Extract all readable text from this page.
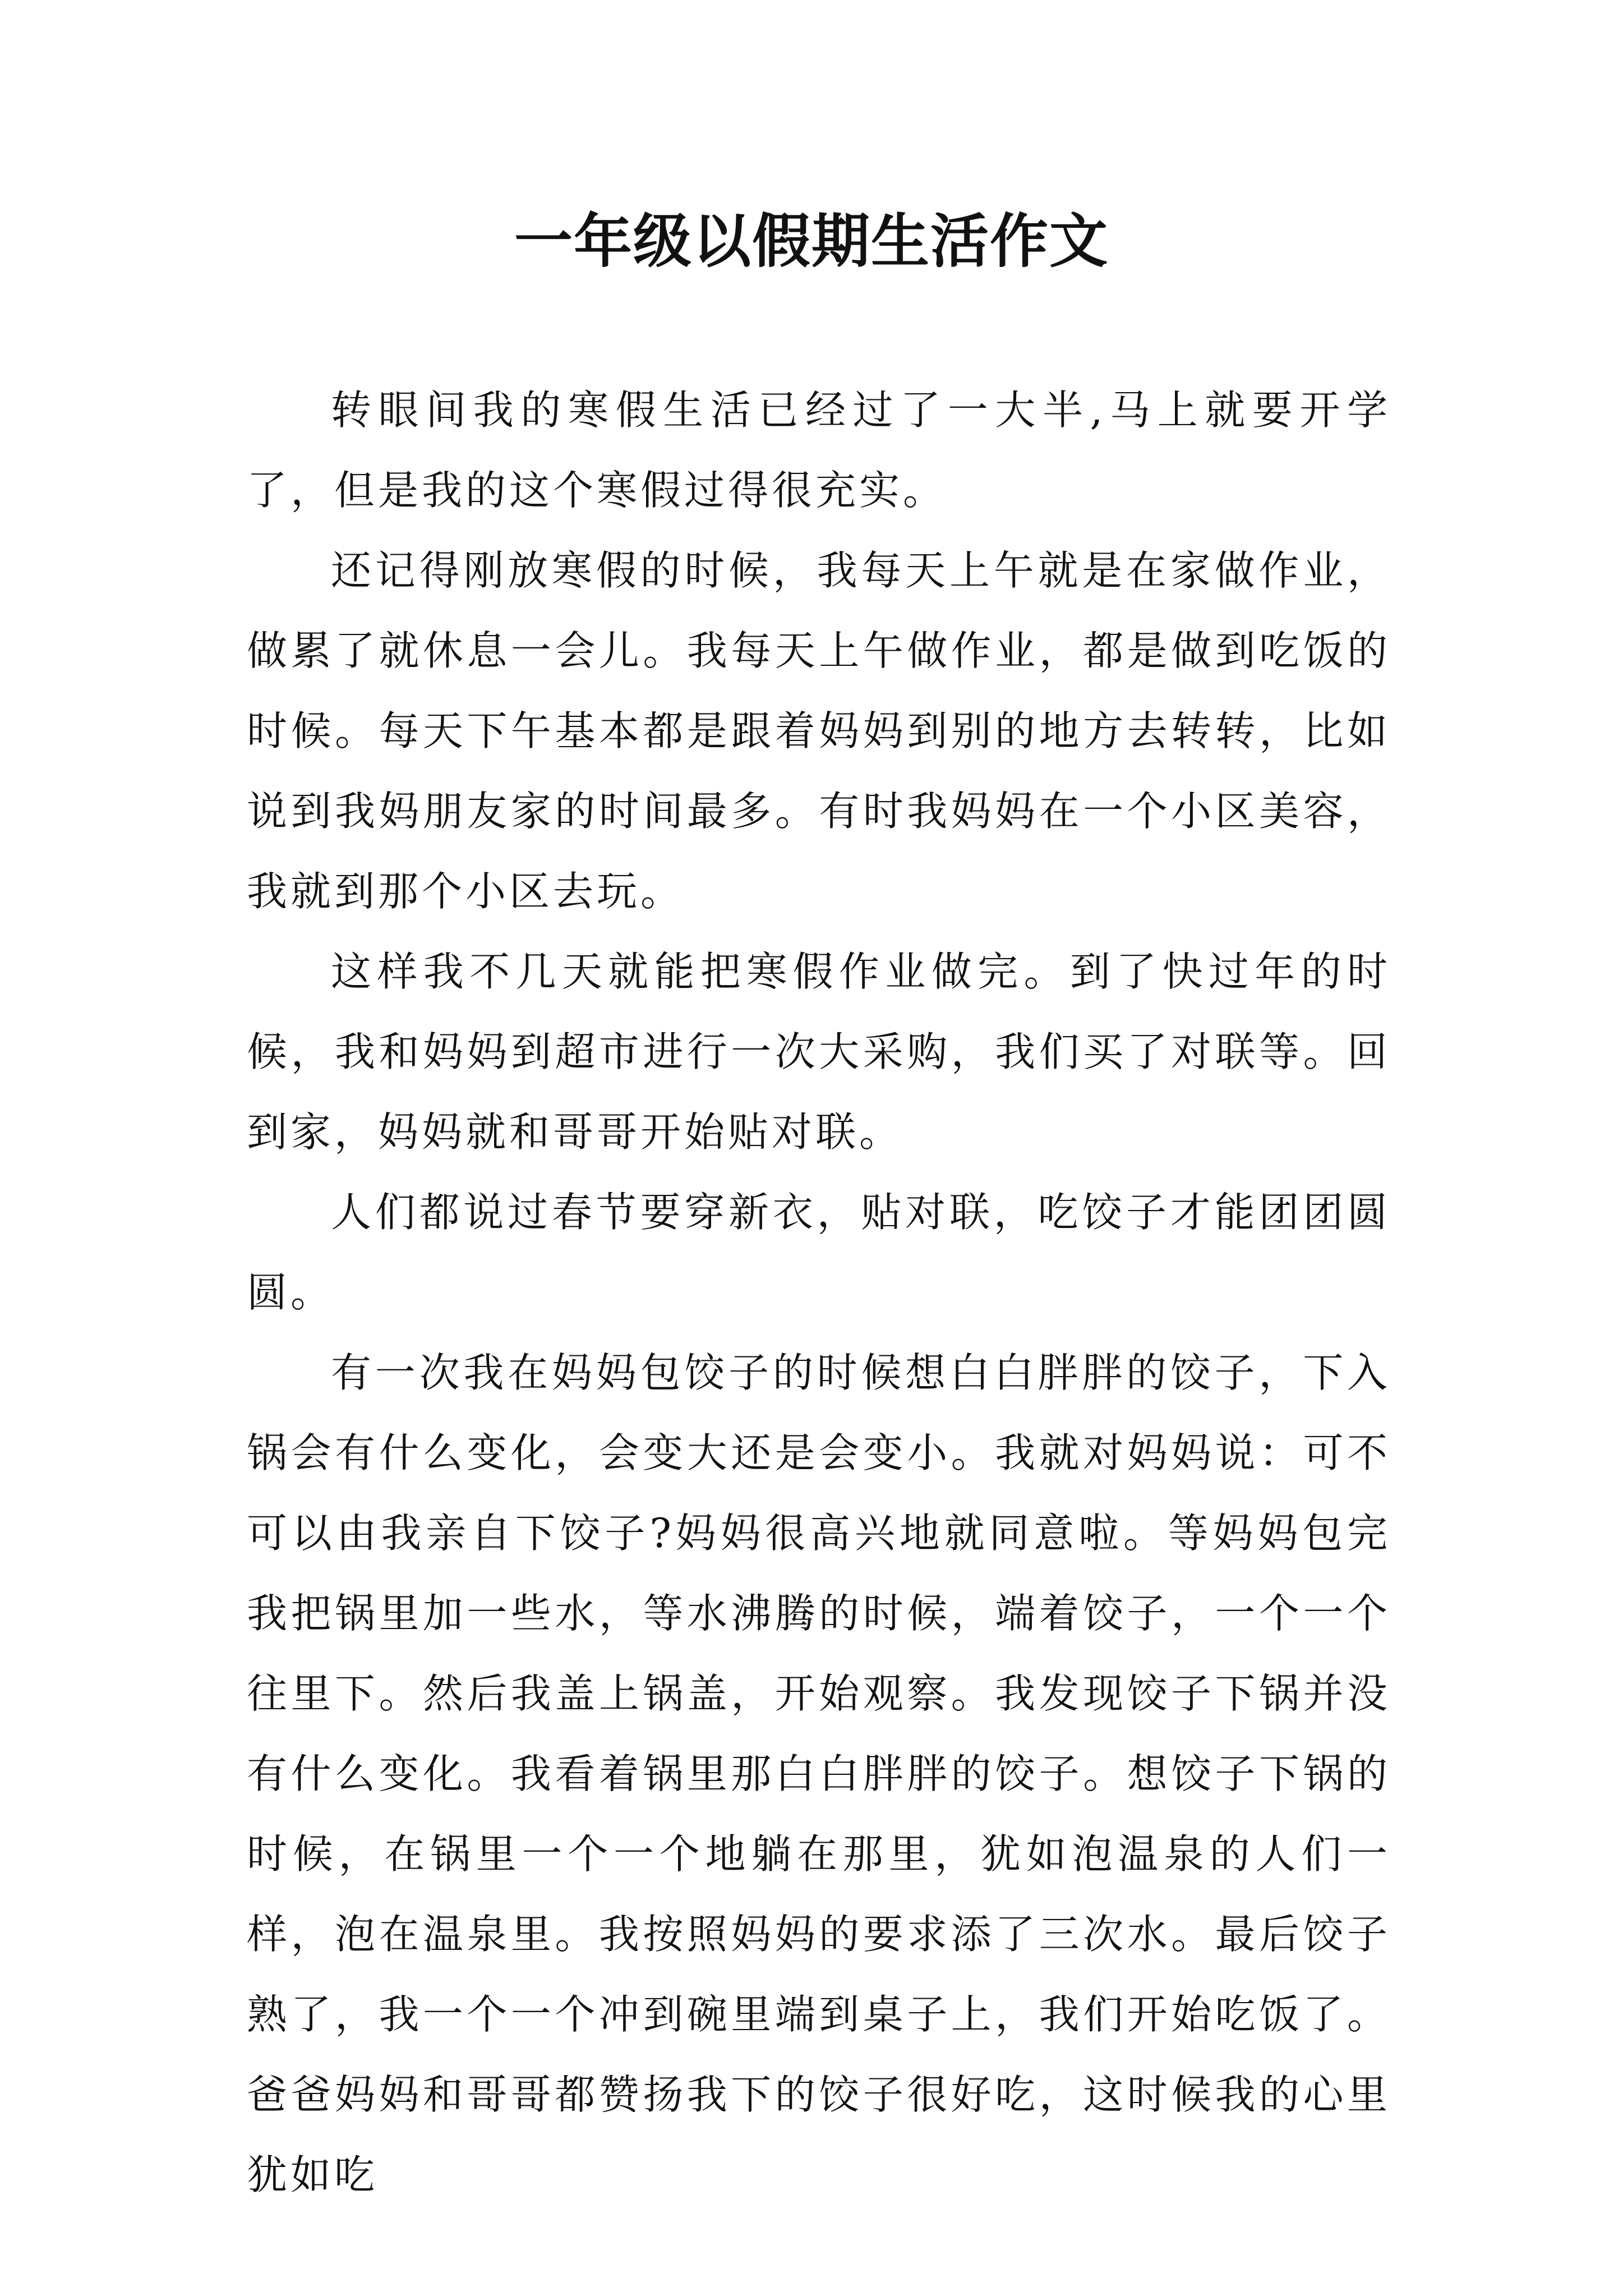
一年级以假期生活作文

转眼间我的寒假生活已经过了一大半,马上就要开学了，但是我的这个寒假过得很充实。

还记得刚放寒假的时候，我每天上午就是在家做作业，做累了就休息一会儿。我每天上午做作业，都是做到吃饭的时候。每天下午基本都是跟着妈妈到别的地方去转转，比如说到我妈朋友家的时间最多。有时我妈妈在一个小区美容，我就到那个小区去玩。

这样我不几天就能把寒假作业做完。到了快过年的时候，我和妈妈到超市进行一次大采购，我们买了对联等。回到家，妈妈就和哥哥开始贴对联。

人们都说过春节要穿新衣，贴对联，吃饺子才能团团圆圆。

有一次我在妈妈包饺子的时候想白白胖胖的饺子，下入锅会有什么变化，会变大还是会变小。我就对妈妈说：可不可以由我亲自下饺子?妈妈很高兴地就同意啦。等妈妈包完我把锅里加一些水，等水沸腾的时候，端着饺子，一个一个往里下。然后我盖上锅盖，开始观察。我发现饺子下锅并没有什么变化。我看着锅里那白白胖胖的饺子。想饺子下锅的时候，在锅里一个一个地躺在那里，犹如泡温泉的人们一样，泡在温泉里。我按照妈妈的要求添了三次水。最后饺子熟了，我一个一个冲到碗里端到桌子上，我们开始吃饭了。爸爸妈妈和哥哥都赞扬我下的饺子很好吃，这时候我的心里犹如吃
